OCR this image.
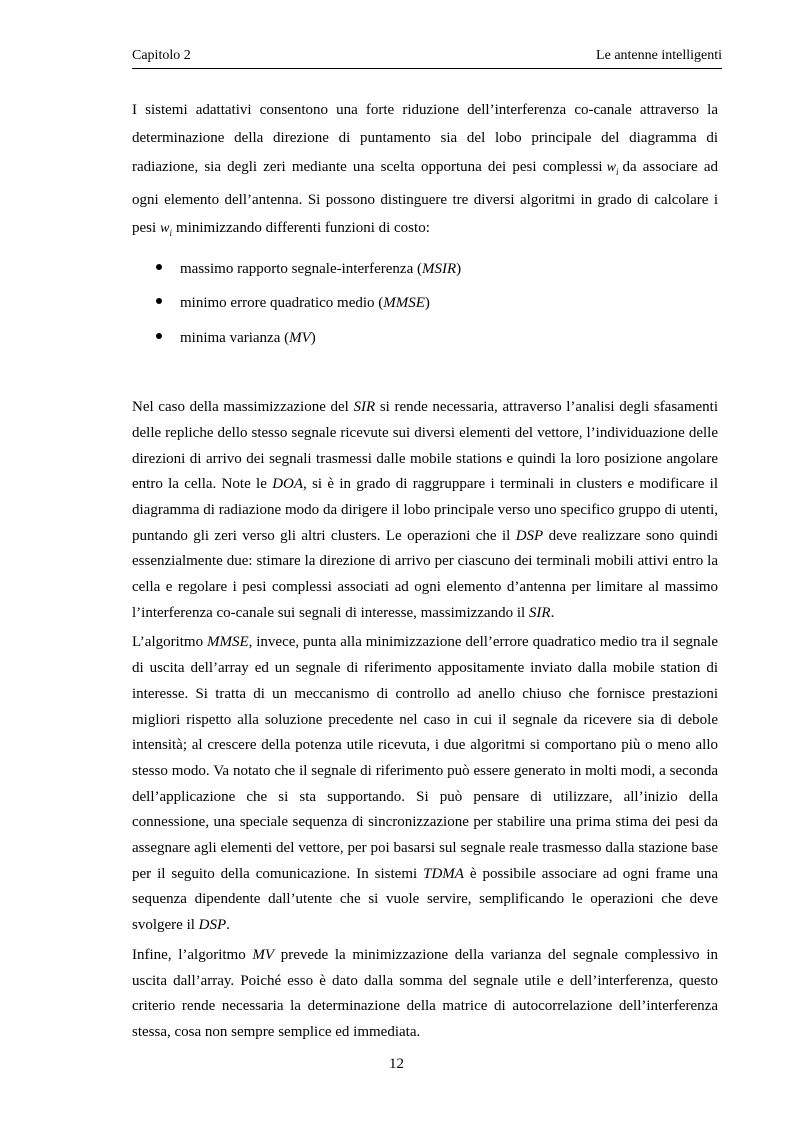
Capitolo 2	Le antenne intelligenti

I sistemi adattativi consentono una forte riduzione dell’interferenza co-canale attraverso la determinazione della direzione di puntamento sia del lobo principale del diagramma di radiazione, sia degli zeri mediante una scelta opportuna dei pesi complessi $w_i$ da associare ad ogni elemento dell’antenna. Si possono distinguere tre diversi algoritmi in grado di calcolare i pesi $w_i$ minimizzando differenti funzioni di costo:

massimo rapporto segnale-interferenza (MSIR)
minimo errore quadratico medio (MMSE)
minima varianza (MV)

Nel caso della massimizzazione del SIR si rende necessaria, attraverso l’analisi degli sfasamenti delle repliche dello stesso segnale ricevute sui diversi elementi del vettore, l’individuazione delle direzioni di arrivo dei segnali trasmessi dalle mobile stations e quindi la loro posizione angolare entro la cella. Note le DOA, si è in grado di raggruppare i terminali in clusters e modificare il diagramma di radiazione modo da dirigere il lobo principale verso uno specifico gruppo di utenti, puntando gli zeri verso gli altri clusters. Le operazioni che il DSP deve realizzare sono quindi essenzialmente due: stimare la direzione di arrivo per ciascuno dei terminali mobili attivi entro la cella e regolare i pesi complessi associati ad ogni elemento d’antenna per limitare al massimo l’interferenza co-canale sui segnali di interesse, massimizzando il SIR.

L’algoritmo MMSE, invece, punta alla minimizzazione dell’errore quadratico medio tra il segnale di uscita dell’array ed un segnale di riferimento appositamente inviato dalla mobile station di interesse. Si tratta di un meccanismo di controllo ad anello chiuso che fornisce prestazioni migliori rispetto alla soluzione precedente nel caso in cui il segnale da ricevere sia di debole intensità; al crescere della potenza utile ricevuta, i due algoritmi si comportano più o meno allo stesso modo. Va notato che il segnale di riferimento può essere generato in molti modi, a seconda dell’applicazione che si sta supportando. Si può pensare di utilizzare, all’inizio della connessione, una speciale sequenza di sincronizzazione per stabilire una prima stima dei pesi da assegnare agli elementi del vettore, per poi basarsi sul segnale reale trasmesso dalla stazione base per il seguito della comunicazione. In sistemi TDMA è possibile associare ad ogni frame una sequenza dipendente dall’utente che si vuole servire, semplificando le operazioni che deve svolgere il DSP.

Infine, l’algoritmo MV prevede la minimizzazione della varianza del segnale complessivo in uscita dall’array. Poiché esso è dato dalla somma del segnale utile e dell’interferenza, questo criterio rende necessaria la determinazione della matrice di autocorrelazione dell’interferenza stessa, cosa non sempre semplice ed immediata.

12
